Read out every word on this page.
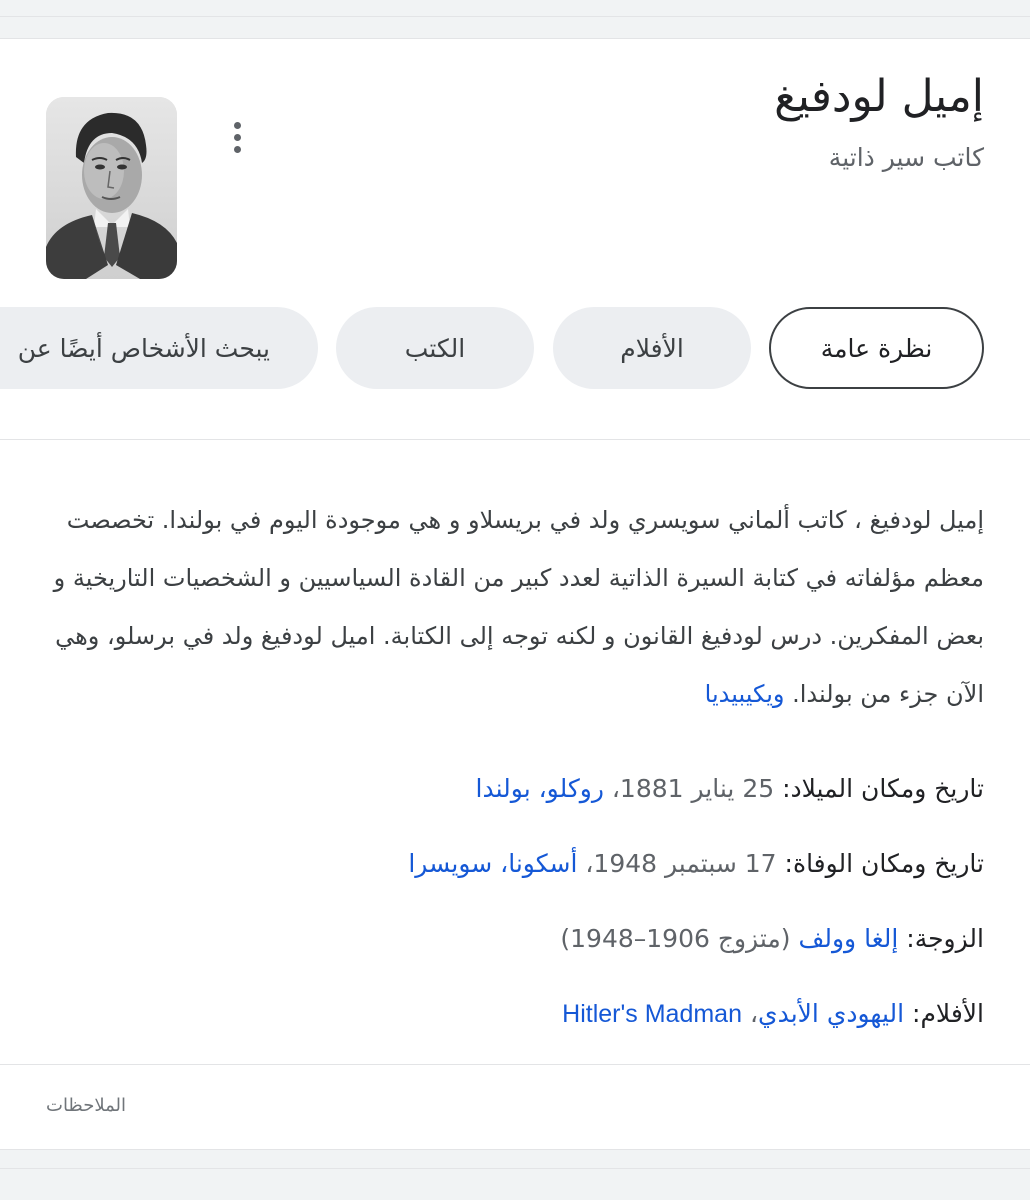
إميل لودفيغ
كاتب سير ذاتية
نظرة عامة
الأفلام
الكتب
يبحث الأشخاص أيضًا عن
إميل لودفيغ ، كاتب ألماني سويسري ولد في بريسلاو و هي موجودة اليوم في بولندا. تخصصت معظم مؤلفاته في كتابة السيرة الذاتية لعدد كبير من القادة السياسيين و الشخصيات التاريخية و بعض المفكرين. درس لودفيغ القانون و لكنه توجه إلى الكتابة. اميل لودفيغ ولد في برسلو، وهي الآن جزء من بولندا. ويكيبيديا
تاريخ ومكان الميلاد: 25 يناير 1881، روكلو، بولندا
تاريخ ومكان الوفاة: 17 سبتمبر 1948، أسكونا، سويسرا
الزوجة: إلغا وولف (متزوج 1906–1948)
الأفلام: اليهودي الأبدي، Hitler's Madman
الملاحظات
